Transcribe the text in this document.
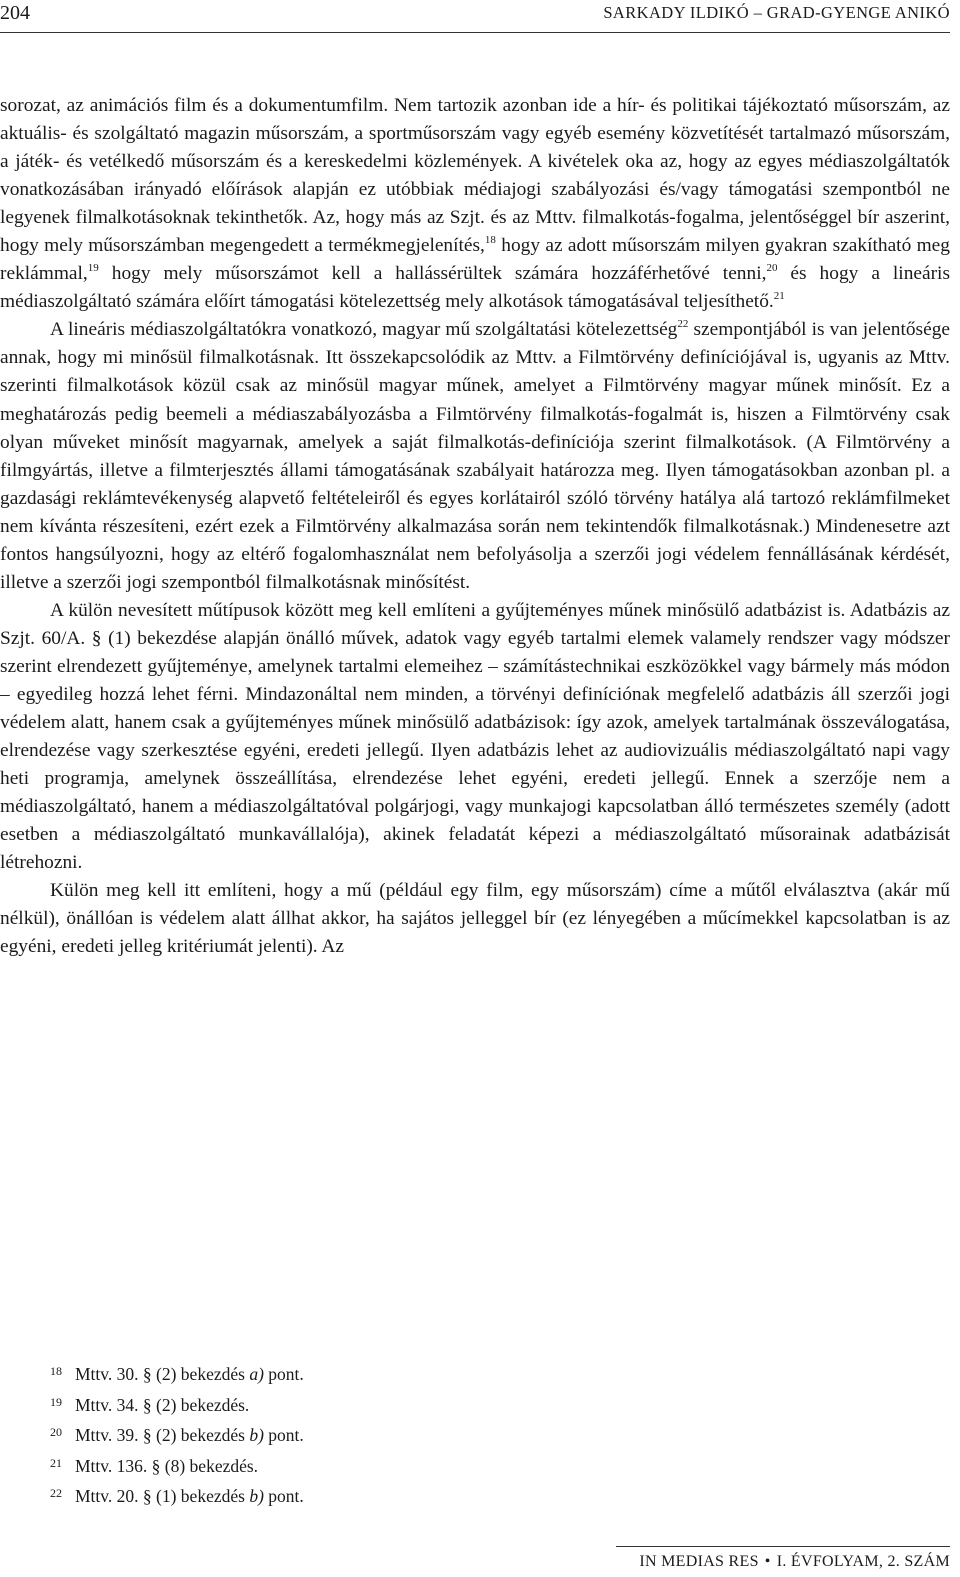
204	SARKADY ILDIKÓ – GRAD-GYENGE ANIKÓ

sorozat, az animációs film és a dokumentumfilm. Nem tartozik azonban ide a hír- és politikai tájékoztató műsorszám, az aktuális- és szolgáltató magazin műsorszám, a sportműsorszám vagy egyéb esemény közvetítését tartalmazó műsorszám, a játék- és vetélkedő műsorszám és a kereskedelmi közlemények. A kivételek oka az, hogy az egyes médiaszolgáltatók vonatkozásában irányadó előírások alapján ez utóbbiak médiajogi szabályozási és/vagy támogatási szempontból ne legyenek filmalkotásoknak tekinthetők. Az, hogy más az Szjt. és az Mttv. filmalkotás-fogalma, jelentőséggel bír aszerint, hogy mely műsorszámban megengedett a termékmegjelenítés,$^{18}$ hogy az adott műsorszám milyen gyakran szakítható meg reklámmal,$^{19}$ hogy mely műsorszámot kell a hallássérültek számára hozzáférhetővé tenni,$^{20}$ és hogy a lineáris médiaszolgáltató számára előírt támogatási kötelezettség mely alkotások támogatásával teljesíthető.$^{21}$

A lineáris médiaszolgáltatókra vonatkozó, magyar mű szolgáltatási kötelezettség$^{22}$ szempontjából is van jelentősége annak, hogy mi minősül filmalkotásnak. Itt összekapcsolódik az Mttv. a Filmtörvény definíciójával is, ugyanis az Mttv. szerinti filmalkotások közül csak az minősül magyar műnek, amelyet a Filmtörvény magyar műnek minősít. Ez a meghatározás pedig beemeli a médiaszabályozásba a Filmtörvény filmalkotás-fogalmát is, hiszen a Filmtörvény csak olyan műveket minősít magyarnak, amelyek a saját filmalkotás-definíciója szerint filmalkotások. (A Filmtörvény a filmgyártás, illetve a filmterjesztés állami támogatásának szabályait határozza meg. Ilyen támogatásokban azonban pl. a gazdasági reklámtevékenység alapvető feltételeiről és egyes korlátairól szóló törvény hatálya alá tartozó reklámfilmeket nem kívánta részesíteni, ezért ezek a Filmtörvény alkalmazása során nem tekintendők filmalkotásnak.) Mindenesetre azt fontos hangsúlyozni, hogy az eltérő fogalomhasználat nem befolyásolja a szerzői jogi védelem fennállásának kérdését, illetve a szerzői jogi szempontból filmalkotásnak minősítést.

A külön nevesített műtípusok között meg kell említeni a gyűjteményes műnek minősülő adatbázist is. Adatbázis az Szjt. 60/A. § (1) bekezdése alapján önálló művek, adatok vagy egyéb tartalmi elemek valamely rendszer vagy módszer szerint elrendezett gyűjteménye, amelynek tartalmi elemeihez – számítástechnikai eszközökkel vagy bármely más módon – egyedileg hozzá lehet férni. Mindazonáltal nem minden, a törvényi definíciónak megfelelő adatbázis áll szerzői jogi védelem alatt, hanem csak a gyűjteményes műnek minősülő adatbázisok: így azok, amelyek tartalmának összeválogatása, elrendezése vagy szerkesztése egyéni, eredeti jellegű. Ilyen adatbázis lehet az audiovizuális médiaszolgáltató napi vagy heti programja, amelynek összeállítása, elrendezése lehet egyéni, eredeti jellegű. Ennek a szerzője nem a médiaszolgáltató, hanem a médiaszolgáltatóval polgárjogi, vagy munkajogi kapcsolatban álló természetes személy (adott esetben a médiaszolgáltató munkavállalója), akinek feladatát képezi a médiaszolgáltató műsorainak adatbázisát létrehozni.

Külön meg kell itt említeni, hogy a mű (például egy film, egy műsorszám) címe a műtől elválasztva (akár mű nélkül), önállóan is védelem alatt állhat akkor, ha sajátos jelleggel bír (ez lényegében a műcímekkel kapcsolatban is az egyéni, eredeti jelleg kritériumát jelenti). Az

18 Mttv. 30. § (2) bekezdés a) pont.
19 Mttv. 34. § (2) bekezdés.
20 Mttv. 39. § (2) bekezdés b) pont.
21 Mttv. 136. § (8) bekezdés.
22 Mttv. 20. § (1) bekezdés b) pont.
IN MEDIAS RES • I. ÉVFOLYAM, 2. SZÁM
